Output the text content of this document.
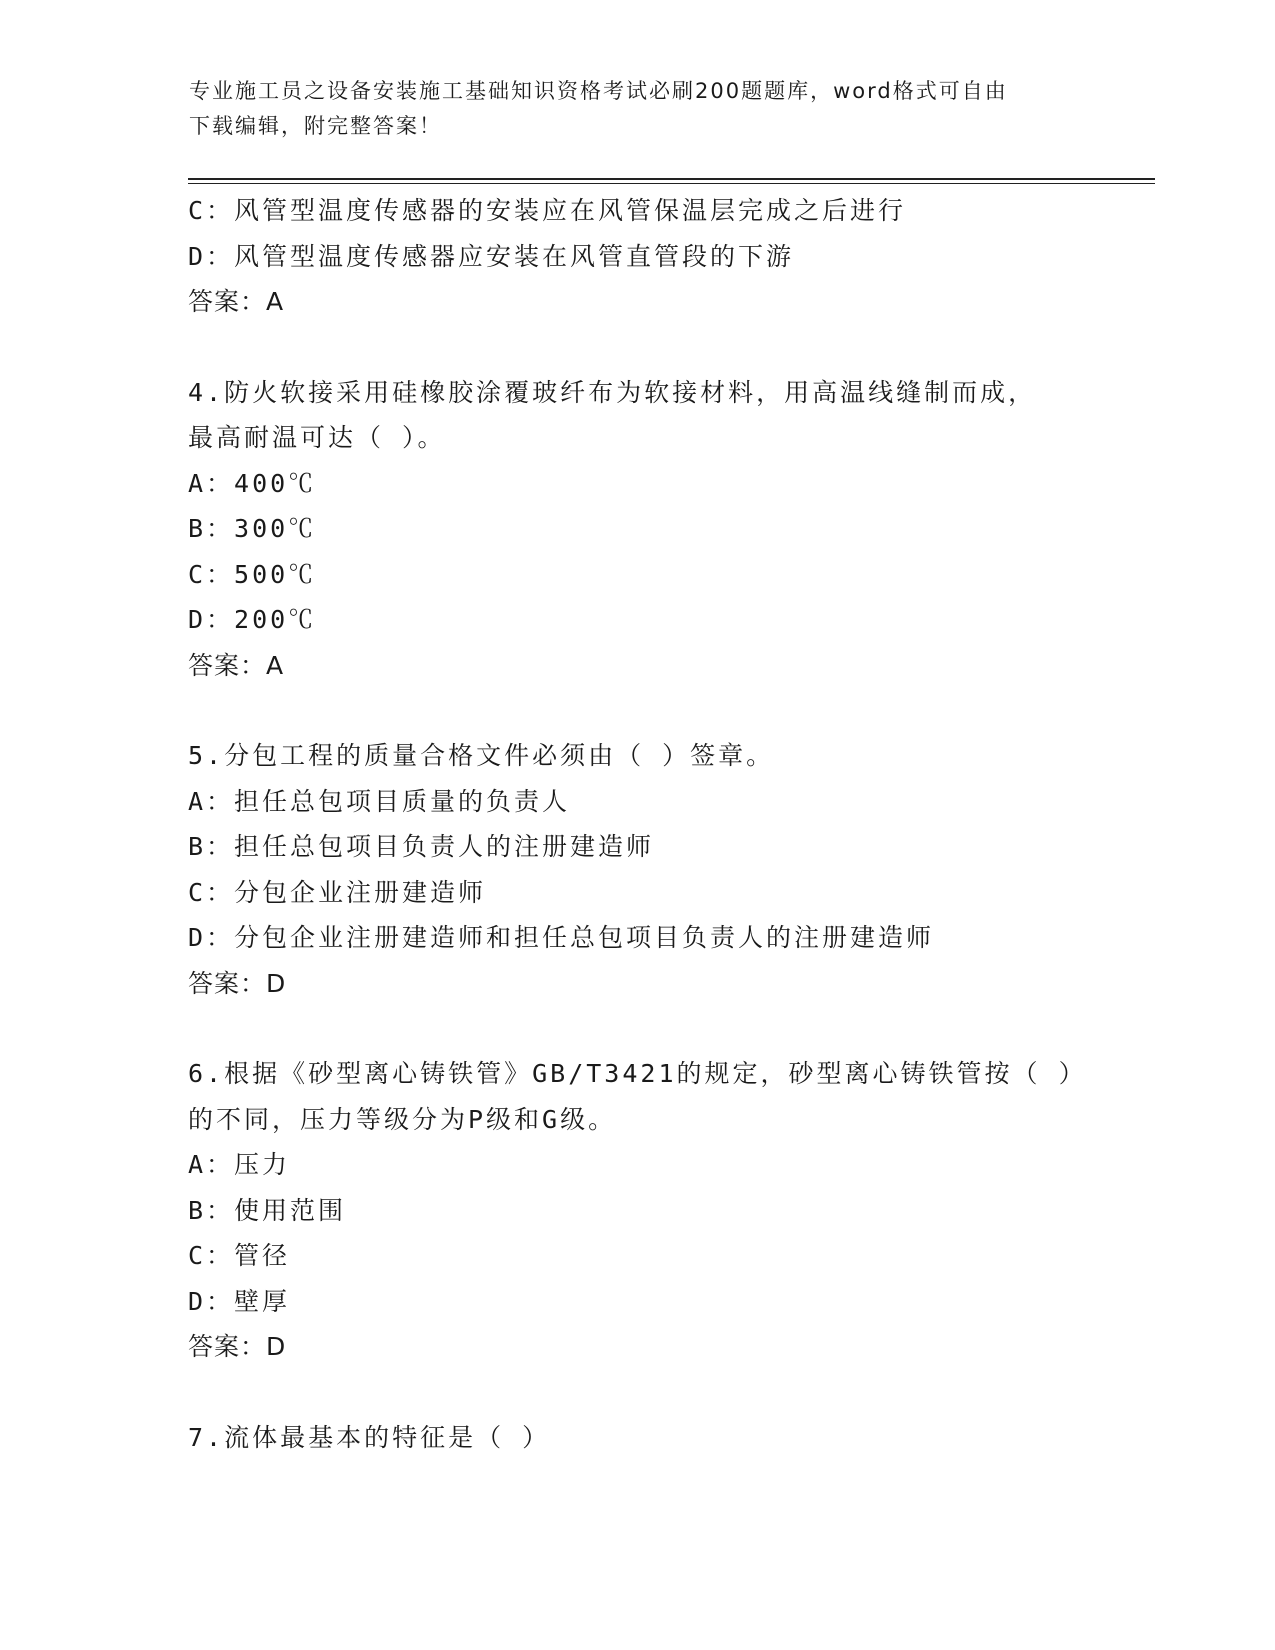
专业施工员之设备安装施工基础知识资格考试必刷200题题库，word格式可自由
下载编辑，附完整答案！
C：风管型温度传感器的安装应在风管保温层完成之后进行
D：风管型温度传感器应安装在风管直管段的下游
答案：A
4.防火软接采用硅橡胶涂覆玻纤布为软接材料，用高温线缝制而成，
最高耐温可达（ ）。
A：400℃
B：300℃
C：500℃
D：200℃
答案：A
5.分包工程的质量合格文件必须由（ ）签章。
A：担任总包项目质量的负责人
B：担任总包项目负责人的注册建造师
C：分包企业注册建造师
D：分包企业注册建造师和担任总包项目负责人的注册建造师
答案：D
6.根据《砂型离心铸铁管》GB/T3421的规定，砂型离心铸铁管按（ ）
的不同，压力等级分为P级和G级。
A：压力
B：使用范围
C：管径
D：壁厚
答案：D
7.流体最基本的特征是（ ）
